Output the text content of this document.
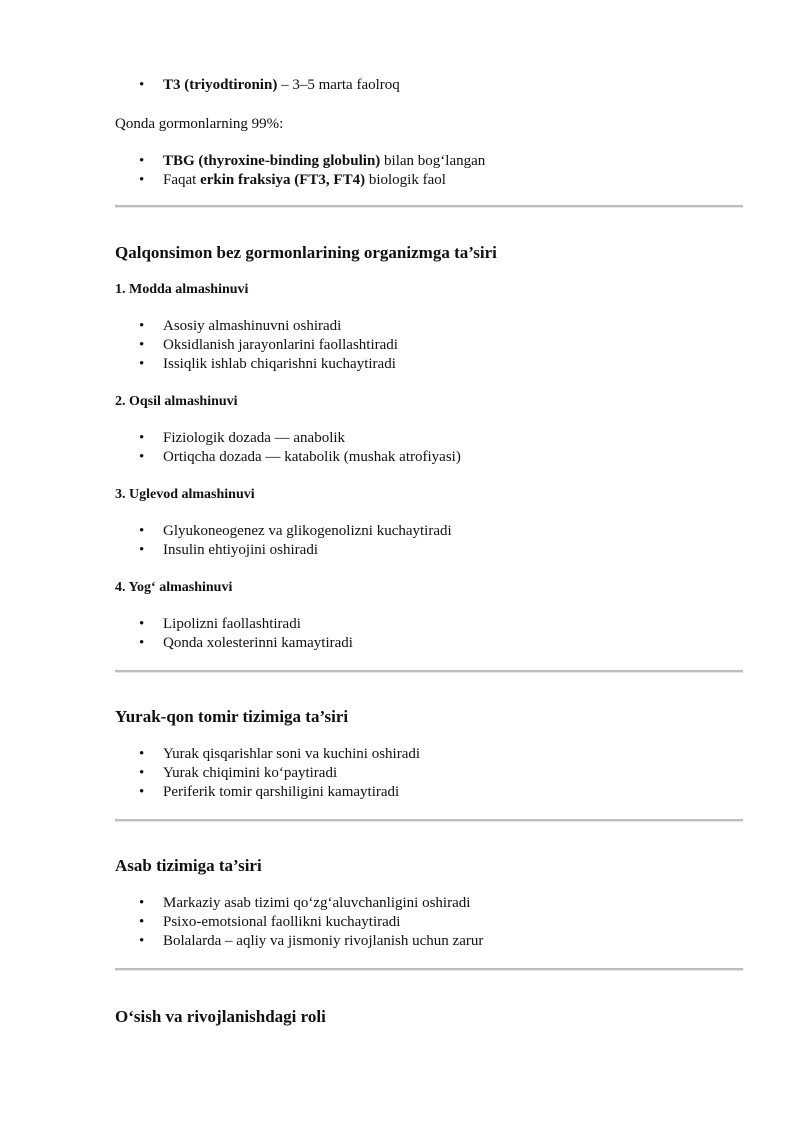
• T3 (triyodtironin) – 3–5 marta faolroq

Qonda gormonlarning 99%:

• TBG (thyroxine-binding globulin) bilan bog‘langan
• Faqat erkin fraksiya (FT3, FT4) biologik faol
Qalqonsimon bez gormonlarining organizmga ta’siri
1. Modda almashinuvi
• Asosiy almashinuvni oshiradi
• Oksidlanish jarayonlarini faollashtiradi
• Issiqlik ishlab chiqarishni kuchaytiradi
2. Oqsil almashinuvi
• Fiziologik dozada — anabolik
• Ortiqcha dozada — katabolik (mushak atrofiyasi)
3. Uglevod almashinuvi
• Glyukoneogenez va glikogenolizni kuchaytiradi
• Insulin ehtiyojini oshiradi
4. Yog‘ almashinuvi
• Lipolizni faollashtiradi
• Qonda xolesterinni kamaytiradi
Yurak-qon tomir tizimiga ta’siri
• Yurak qisqarishlar soni va kuchini oshiradi
• Yurak chiqimini ko‘paytiradi
• Periferik tomir qarshiligini kamaytiradi
Asab tizimiga ta’siri
• Markaziy asab tizimi qo‘zg‘aluvchanligini oshiradi
• Psixo-emotsional faollikni kuchaytiradi
• Bolalarda – aqliy va jismoniy rivojlanish uchun zarur
O‘sish va rivojlanishdagi roli
